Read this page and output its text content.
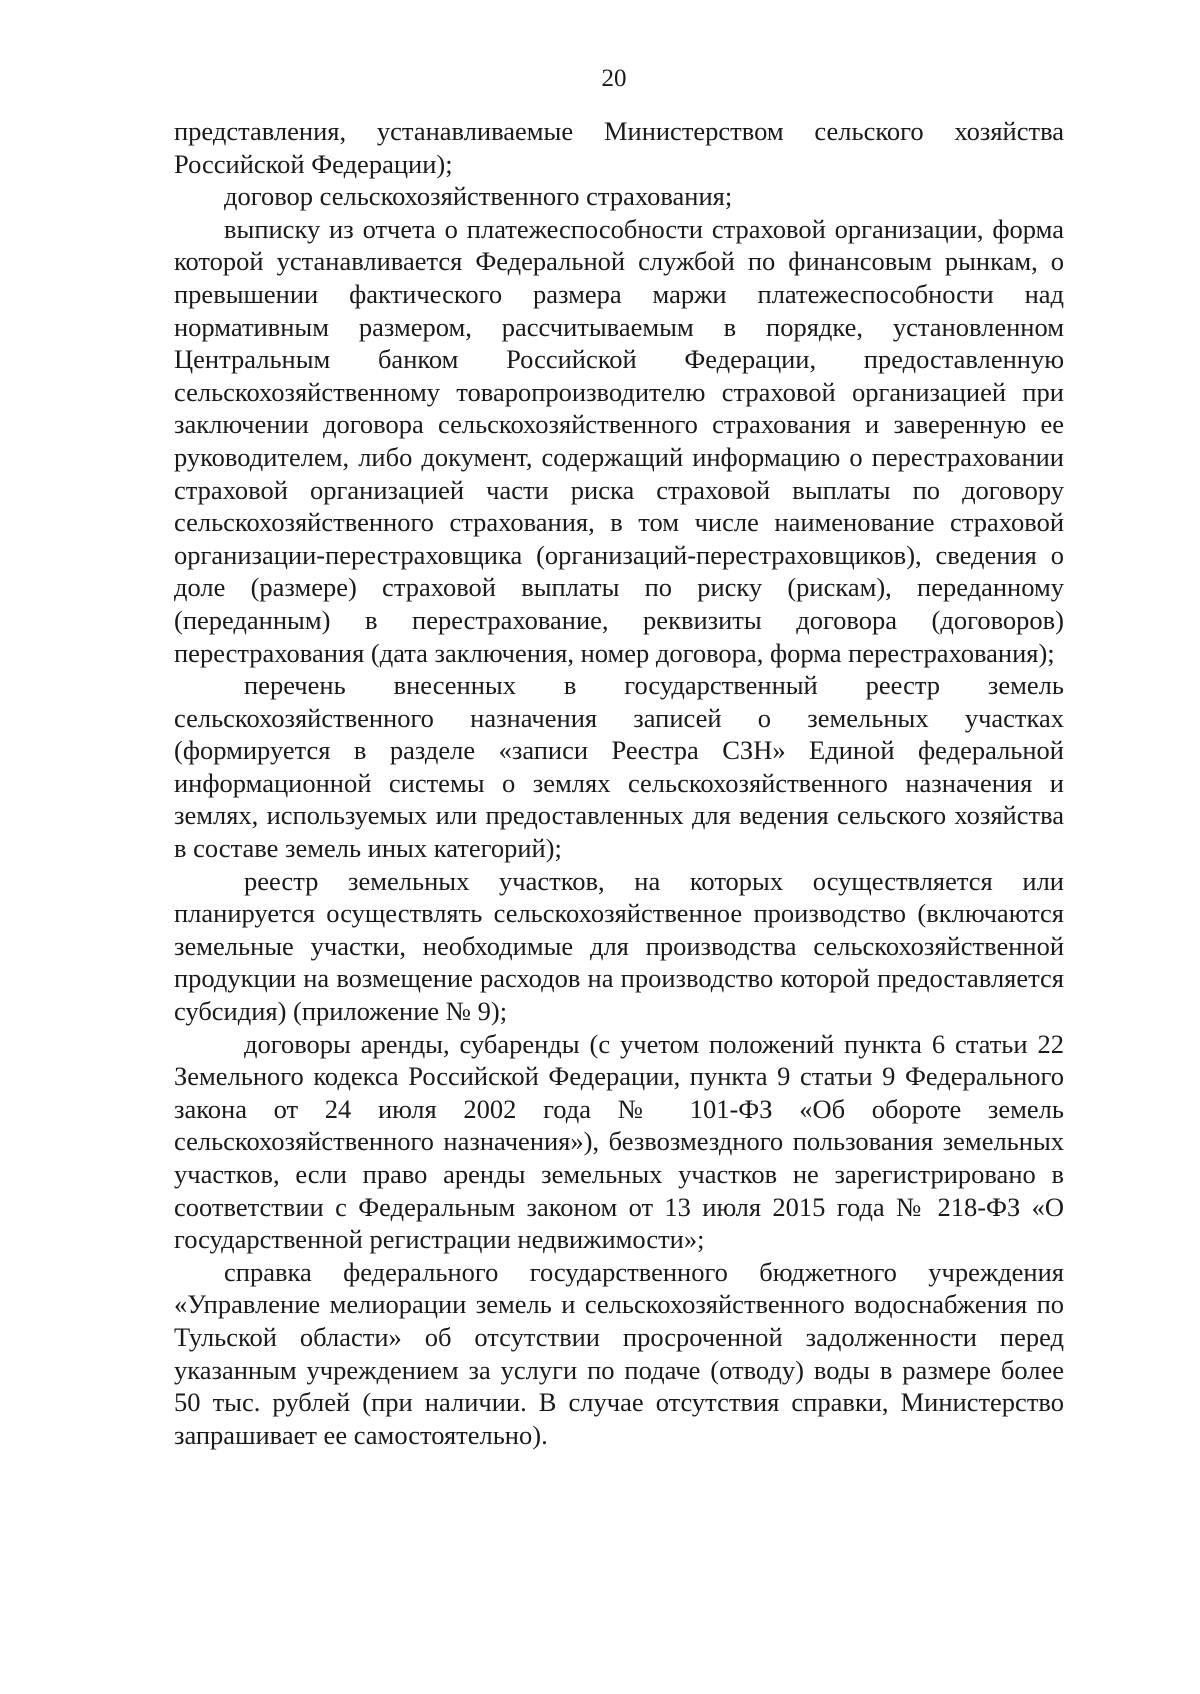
20

представления, устанавливаемые Министерством сельского хозяйства Российской Федерации);

договор сельскохозяйственного страхования;

выписку из отчета о платежеспособности страховой организации, форма которой устанавливается Федеральной службой по финансовым рынкам, о превышении фактического размера маржи платежеспособности над нормативным размером, рассчитываемым в порядке, установленном Центральным банком Российской Федерации, предоставленную сельскохозяйственному товаропроизводителю страховой организацией при заключении договора сельскохозяйственного страхования и заверенную ее руководителем, либо документ, содержащий информацию о перестраховании страховой организацией части риска страховой выплаты по договору сельскохозяйственного страхования, в том числе наименование страховой организации-перестраховщика (организаций-перестраховщиков), сведения о доле (размере) страховой выплаты по риску (рискам), переданному (переданным) в перестрахование, реквизиты договора (договоров) перестрахования (дата заключения, номер договора, форма перестрахования);

перечень внесенных в государственный реестр земель сельскохозяйственного назначения записей о земельных участках (формируется в разделе «записи Реестра СЗН» Единой федеральной информационной системы о землях сельскохозяйственного назначения и землях, используемых или предоставленных для ведения сельского хозяйства в составе земель иных категорий);

реестр земельных участков, на которых осуществляется или планируется осуществлять сельскохозяйственное производство (включаются земельные участки, необходимые для производства сельскохозяйственной продукции на возмещение расходов на производство которой предоставляется субсидия) (приложение № 9);

договоры аренды, субаренды (с учетом положений пункта 6 статьи 22 Земельного кодекса Российской Федерации, пункта 9 статьи 9 Федерального закона от 24 июля 2002 года № 101-ФЗ «Об обороте земель сельскохозяйственного назначения»), безвозмездного пользования земельных участков, если право аренды земельных участков не зарегистрировано в соответствии с Федеральным законом от 13 июля 2015 года № 218-ФЗ «О государственной регистрации недвижимости»;

справка федерального государственного бюджетного учреждения «Управление мелиорации земель и сельскохозяйственного водоснабжения по Тульской области» об отсутствии просроченной задолженности перед указанным учреждением за услуги по подаче (отводу) воды в размере более 50 тыс. рублей (при наличии. В случае отсутствия справки, Министерство запрашивает ее самостоятельно).
